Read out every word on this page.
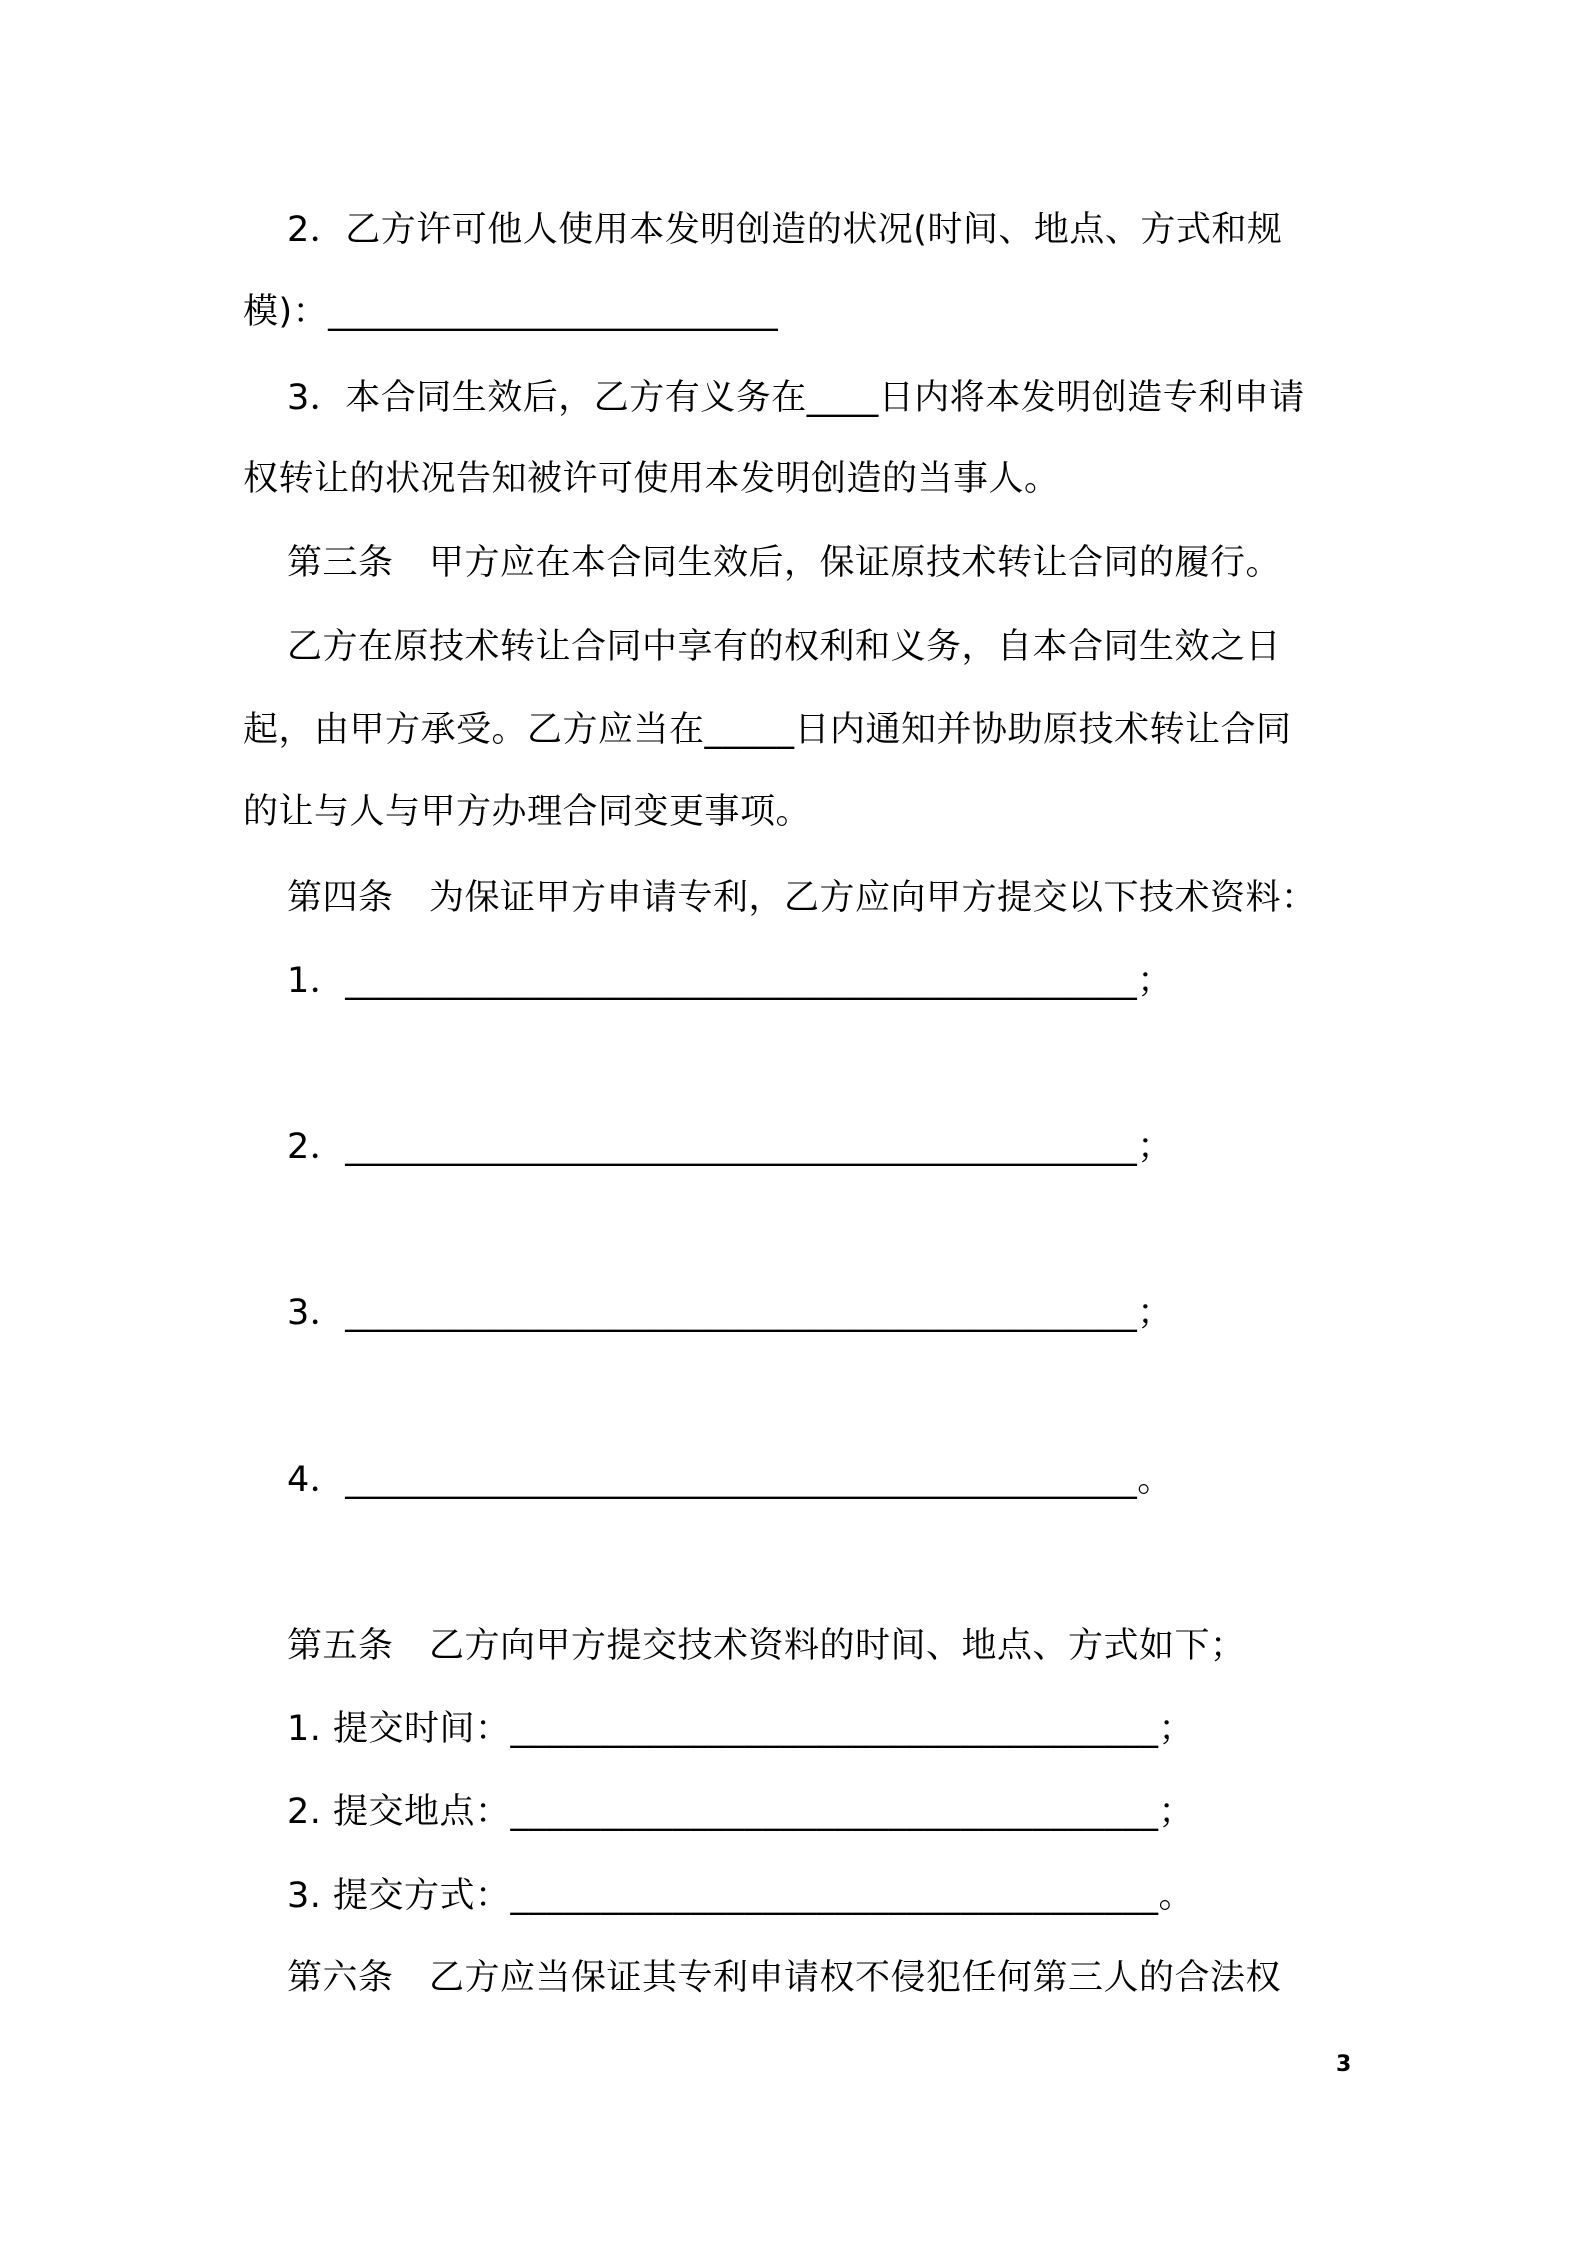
2．乙方许可他人使用本发明创造的状况(时间、地点、方式和规
模)：_________________________
3．本合同生效后，乙方有义务在____日内将本发明创造专利申请
权转让的状况告知被许可使用本发明创造的当事人。
第三条　甲方应在本合同生效后，保证原技术转让合同的履行。
乙方在原技术转让合同中享有的权利和义务，自本合同生效之日
起，由甲方承受。乙方应当在_____日内通知并协助原技术转让合同
的让与人与甲方办理合同变更事项。
第四条　为保证甲方申请专利，乙方应向甲方提交以下技术资料：
1．____________________________________________；
2．____________________________________________；
3．____________________________________________；
4．____________________________________________。
第五条　乙方向甲方提交技术资料的时间、地点、方式如下；
1. 提交时间：____________________________________；
2. 提交地点：____________________________________；
3. 提交方式：____________________________________。
第六条　乙方应当保证其专利申请权不侵犯任何第三人的合法权
3
